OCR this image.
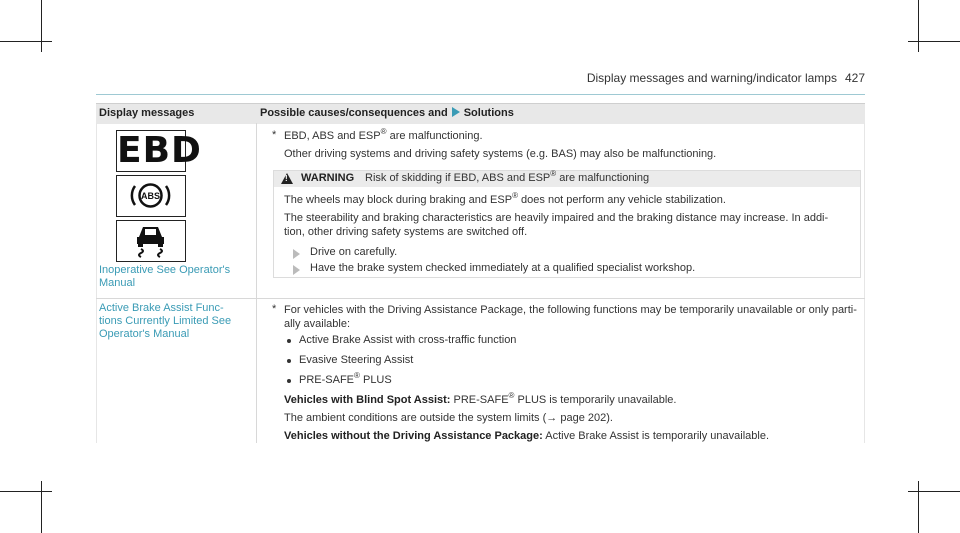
Display messages and warning/indicator lamps 427
Display messages	Possible causes/consequences and Solutions
EBD
ABS
Inoperative See Operator's Manual
* EBD, ABS and ESP® are malfunctioning.
Other driving systems and driving safety systems (e.g. BAS) may also be malfunctioning.
!
WARNING Risk of skidding if EBD, ABS and ESP® are malfunctioning
The wheels may block during braking and ESP® does not perform any vehicle stabilization.
The steerability and braking characteristics are heavily impaired and the braking distance may increase. In addi-
tion, other driving safety systems are switched off.
Drive on carefully.
Have the brake system checked immediately at a qualified specialist workshop.
Active Brake Assist Func-
tions Currently Limited See
Operator's Manual
* For vehicles with the Driving Assistance Package, the following functions may be temporarily unavailable or only parti-
ally available:
Active Brake Assist with cross-traffic function
Evasive Steering Assist
PRE-SAFE® PLUS
Vehicles with Blind Spot Assist: PRE-SAFE® PLUS is temporarily unavailable.
The ambient conditions are outside the system limits (→ page 202).
Vehicles without the Driving Assistance Package: Active Brake Assist is temporarily unavailable.
